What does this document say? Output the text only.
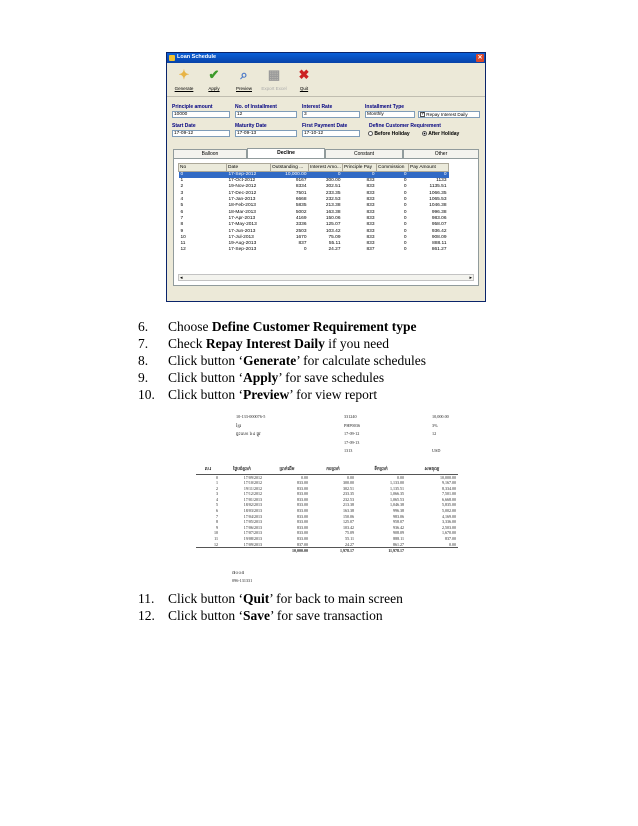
Loan Schedule	✕
✦
Generate
✔
Apply
⌕
Preview
▦
Export Excel
✖
Quit
Principle amount
10000
No. of Installment
12
Interest Rate
3
Installment Type
Monthly	✓ Repay Interest Daily
Start Date
17-09-12
Maturity Date
17-09-13
First Payment Date
17-10-12
Define Customer Requirement
Before Holiday	After Holiday
Balloon	Decline	Constant	Other
No	Date	Outstanding ...	Interest Amo...	Principle Pay	Commission	Pay Amount
0	17-Sep-2012	10,000.00	0	0	0	0
1	17-Oct-2012	9167	300.00	833	0	1133
2	19-Nov-2012	8334	302.51	833	0	1135.51
3	17-Dec-2012	7501	233.35	833	0	1066.35
4	17-Jan-2013	6668	232.53	833	0	1065.53
5	18-Feb-2013	5835	213.38	833	0	1046.38
6	18-Mar-2013	5002	163.38	833	0	996.38
7	17-Apr-2013	4169	150.06	833	0	983.06
8	17-May-2013	3336	125.07	833	0	958.07
9	17-Jun-2013	2503	103.42	833	0	936.42
10	17-Jul-2013	1670	75.09	833	0	908.09
11	19-Aug-2013	837	55.11	833	0	888.11
12	17-Sep-2013	0	24.27	837	0	861.27
◂	▸
6. Choose Define Customer Requirement type
7. Check Repay Interest Daily if you need
8. Click button ‘Generate’ for calculate schedules
9. Click button ‘Apply’ for save schedules
10. Click button ‘Preview’ for view report
ល.រ	ថ្ងៃបង់ប្រាក់	ប្រាក់ដើម	ការប្រាក់	ទឹកប្រាក់	សមតុល្យ
0	17/09/2012	0.00	0.00	0.00	10,000.00
1	17/10/2012	833.00	300.00	1,133.00	9,167.00
2	19/11/2012	833.00	302.51	1,135.51	8,334.00
3	17/12/2012	833.00	233.35	1,066.35	7,501.00
4	17/01/2013	833.00	232.53	1,065.53	6,668.00
5	18/02/2013	833.00	213.38	1,046.38	5,835.00
6	18/03/2013	833.00	163.38	996.38	5,002.00
7	17/04/2013	833.00	150.06	983.06	4,169.00
8	17/05/2013	833.00	125.07	958.07	3,336.00
9	17/06/2013	833.00	103.42	936.42	2,503.00
10	17/07/2013	833.00	75.09	908.09	1,670.00
11	19/08/2013	833.00	55.11	888.11	837.00
12	17/09/2013	837.00	24.27	861.27	0.00
		10,000.00	1,978.17	11,978.17	
៧០០៥
096-131331
10-133-000076-5
ខ្មែរ
ផ្ទះលេខ ៦៤ ផ្លូវ
331240
PHP0036
17-09-12
17-09-13
1313
10,000.00
3%
12
USD
11. Click button ‘Quit’ for back to main screen
12. Click button ‘Save’ for save transaction
